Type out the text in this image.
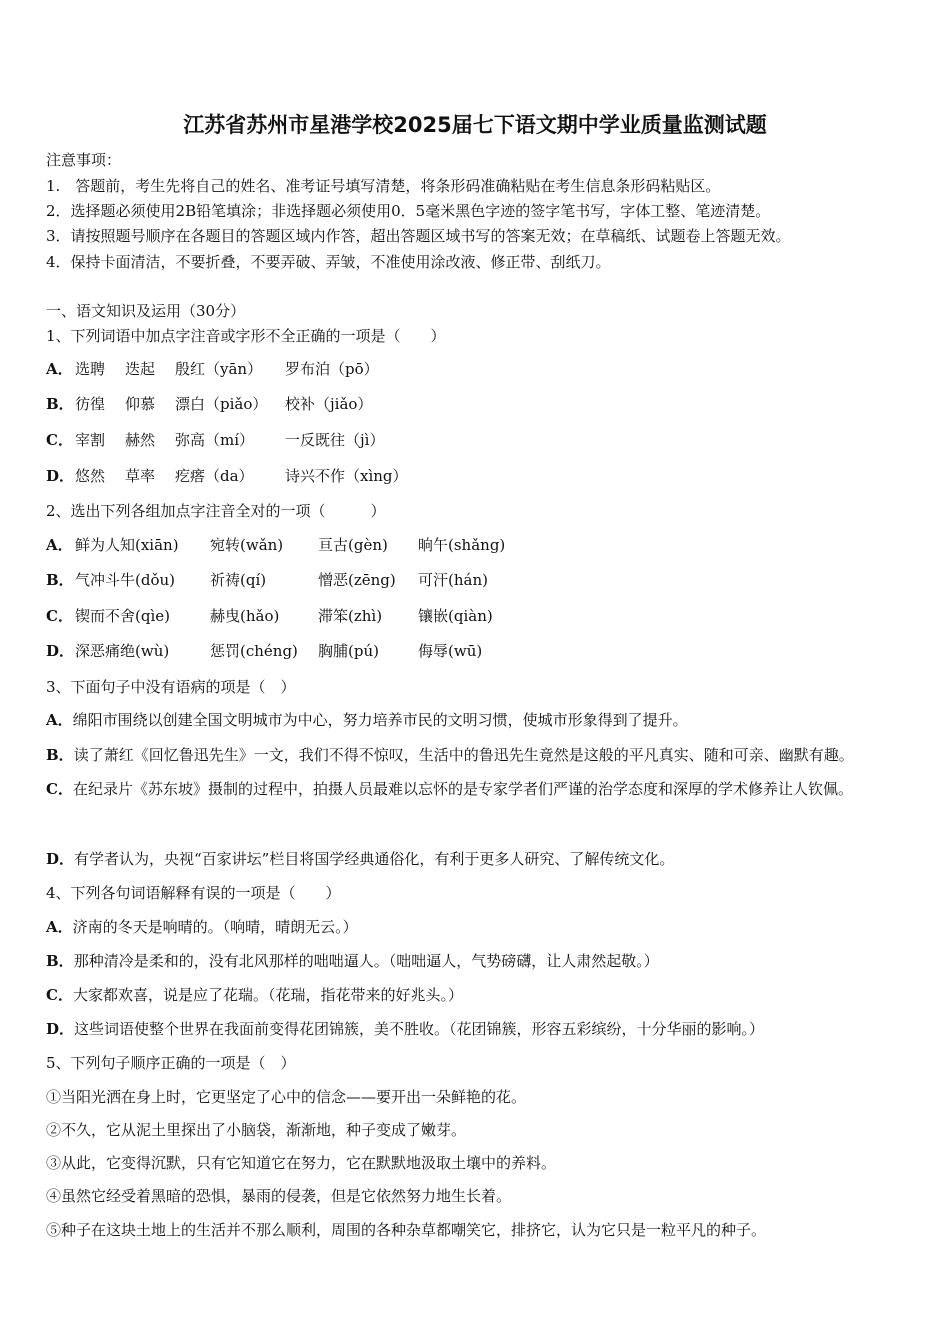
江苏省苏州市星港学校2025届七下语文期中学业质量监测试题
注意事项：
1.　答题前，考生先将自己的姓名、准考证号填写清楚，将条形码准确粘贴在考生信息条形码粘贴区。
2．选择题必须使用2B铅笔填涂；非选择题必须使用0．5毫米黑色字迹的签字笔书写，字体工整、笔迹清楚。
3．请按照题号顺序在各题目的答题区域内作答，超出答题区域书写的答案无效；在草稿纸、试题卷上答题无效。
4．保持卡面清洁，不要折叠，不要弄破、弄皱，不准使用涂改液、修正带、刮纸刀。
一、语文知识及运用（30分）
1、下列词语中加点字注音或字形不全正确的一项是（　　）
A． 选聘 迭起 殷红（yān） 罗布泊（pō）
B． 彷徨 仰慕 漂白（piǎo） 校补（jiǎo）
C． 宰割 赫然 弥高（mí） 一反既往（jì）
D． 悠然 草率 疙瘩（da） 诗兴不作（xìng）
2、选出下列各组加点字注音全对的一项（　　　）
A． 鲜为人知(xiān) 宛转(wǎn) 亘古(gèn) 晌午(shǎng)
B． 气冲斗牛(dǒu) 祈祷(qí)	憎恶(zēng) 可汗(hán)
C． 锲而不舍(qìe)	赫曳(hǎo)	滞笨(zhì) 镶嵌(qiàn)
D． 深恶痛绝(wù)	惩罚(chéng) 胸脯(pú)	侮辱(wū)
3、下面句子中没有语病的项是（　）
A．绵阳市围绕以创建全国文明城市为中心，努力培养市民的文明习惯，使城市形象得到了提升。
B．读了萧红《回忆鲁迅先生》一文，我们不得不惊叹，生活中的鲁迅先生竟然是这般的平凡真实、随和可亲、幽默有趣。
C．在纪录片《苏东坡》摄制的过程中，拍摄人员最难以忘怀的是专家学者们严谨的治学态度和深厚的学术修养让人钦佩。
D．有学者认为，央视“百家讲坛”栏目将国学经典通俗化，有利于更多人研究、了解传统文化。
4、下列各句词语解释有误的一项是（　　）
A．济南的冬天是响晴的。（响晴，晴朗无云。）
B．那种清冷是柔和的，没有北风那样的咄咄逼人。（咄咄逼人，气势磅礴，让人肃然起敬。）
C．大家都欢喜，说是应了花瑞。（花瑞，指花带来的好兆头。）
D．这些词语使整个世界在我面前变得花团锦簇，美不胜收。（花团锦簇，形容五彩缤纷，十分华丽的影响。）
5、下列句子顺序正确的一项是（　）
①当阳光洒在身上时，它更坚定了心中的信念——要开出一朵鲜艳的花。
②不久，它从泥土里探出了小脑袋，渐渐地，种子变成了嫩芽。
③从此，它变得沉默，只有它知道它在努力，它在默默地汲取土壤中的养料。
④虽然它经受着黑暗的恐惧，暴雨的侵袭，但是它依然努力地生长着。
⑤种子在这块土地上的生活并不那么顺利，周围的各种杂草都嘲笑它，排挤它，认为它只是一粒平凡的种子。
